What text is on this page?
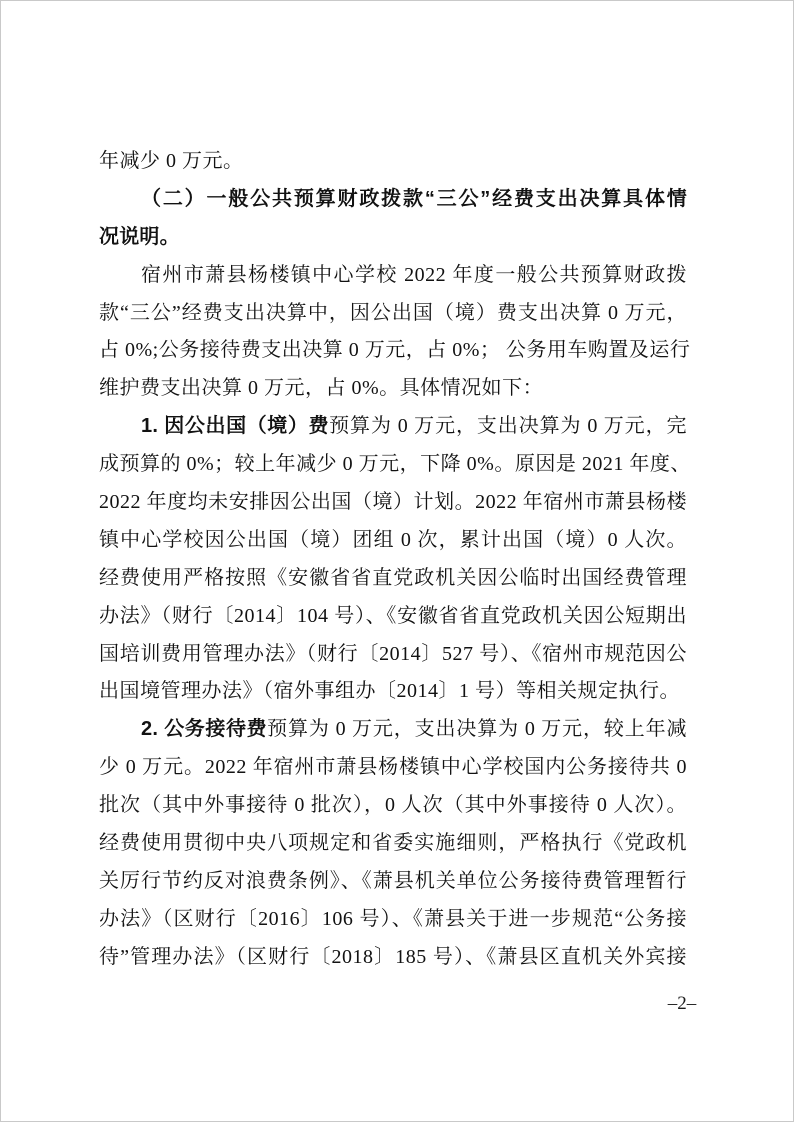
年减少 0 万元。
（二）一般公共预算财政拨款“三公”经费支出决算具体情
况说明。
宿州市萧县杨楼镇中心学校 2022 年度一般公共预算财政拨
款“三公”经费支出决算中，因公出国（境）费支出决算 0 万元，
占 0%;公务接待费支出决算 0 万元，占 0%； 公务用车购置及运行
维护费支出决算 0 万元，占 0%。具体情况如下：
1. 因公出国（境）费预算为 0 万元，支出决算为 0 万元，完
成预算的 0%；较上年减少 0 万元，下降 0%。原因是 2021 年度、
2022 年度均未安排因公出国（境）计划。2022 年宿州市萧县杨楼
镇中心学校因公出国（境）团组 0 次，累计出国（境）0 人次。
经费使用严格按照《安徽省省直党政机关因公临时出国经费管理
办法》（财行〔2014〕104 号）、《安徽省省直党政机关因公短期出
国培训费用管理办法》（财行〔2014〕527 号）、《宿州市规范因公
出国境管理办法》（宿外事组办〔2014〕1 号）等相关规定执行。
2. 公务接待费预算为 0 万元，支出决算为 0 万元，较上年减
少 0 万元。2022 年宿州市萧县杨楼镇中心学校国内公务接待共 0
批次（其中外事接待 0 批次），0 人次（其中外事接待 0 人次）。
经费使用贯彻中央八项规定和省委实施细则，严格执行《党政机
关厉行节约反对浪费条例》、《萧县机关单位公务接待费管理暂行
办法》（区财行〔2016〕106 号）、《萧县关于进一步规范“公务接
待”管理办法》（区财行〔2018〕185 号）、《萧县区直机关外宾接
–2–
